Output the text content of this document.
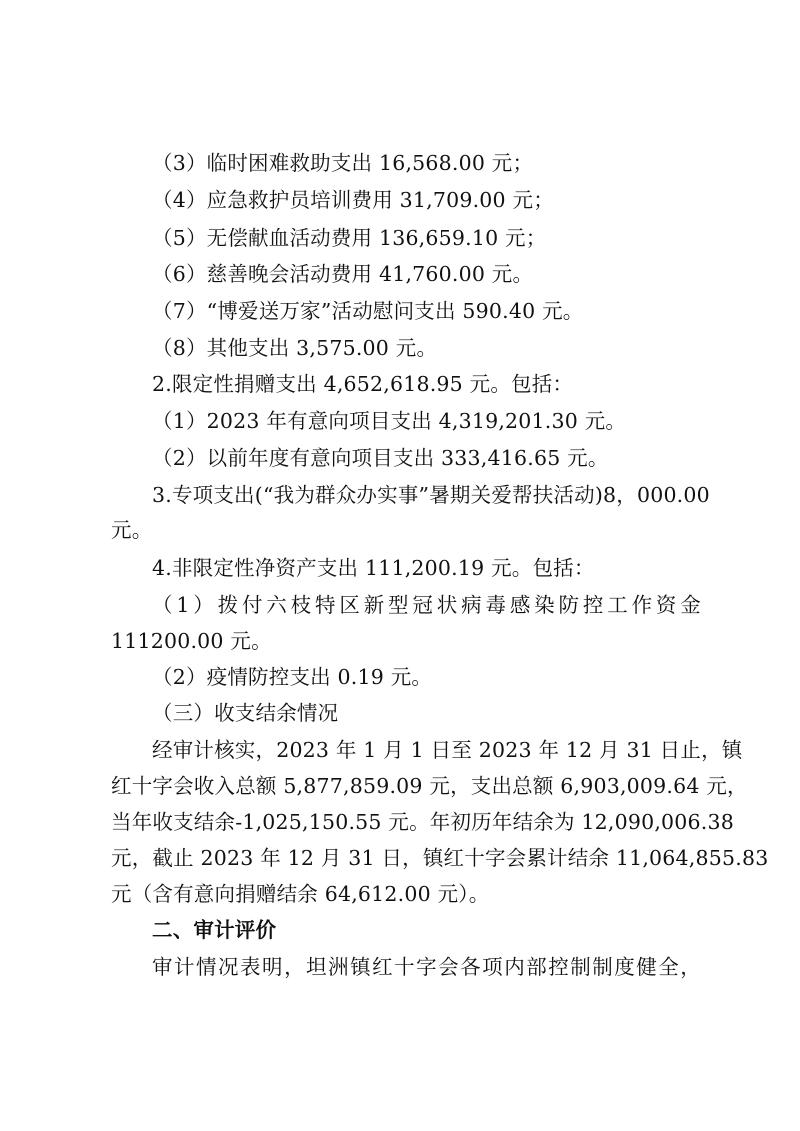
（3）临时困难救助支出 16,568.00 元；
（4）应急救护员培训费用 31,709.00 元；
（5）无偿献血活动费用 136,659.10 元；
（6）慈善晚会活动费用 41,760.00 元。
（7）“博爱送万家”活动慰问支出 590.40 元。
（8）其他支出 3,575.00 元。
2.限定性捐赠支出 4,652,618.95 元。包括：
（1）2023 年有意向项目支出 4,319,201.30 元。
（2）以前年度有意向项目支出 333,416.65 元。
3.专项支出(“我为群众办实事”暑期关爱帮扶活动)8，000.00
元。
4.非限定性净资产支出 111,200.19 元。包括：
（1）拨付六枝特区新型冠状病毒感染防控工作资金
111200.00 元。
（2）疫情防控支出 0.19 元。
（三）收支结余情况
经审计核实，2023 年 1 月 1 日至 2023 年 12 月 31 日止，镇
红十字会收入总额 5,877,859.09 元，支出总额 6,903,009.64 元，
当年收支结余-1,025,150.55 元。年初历年结余为 12,090,006.38
元，截止 2023 年 12 月 31 日，镇红十字会累计结余 11,064,855.83
元（含有意向捐赠结余 64,612.00 元）。
二、审计评价
审计情况表明，坦洲镇红十字会各项内部控制制度健全，
